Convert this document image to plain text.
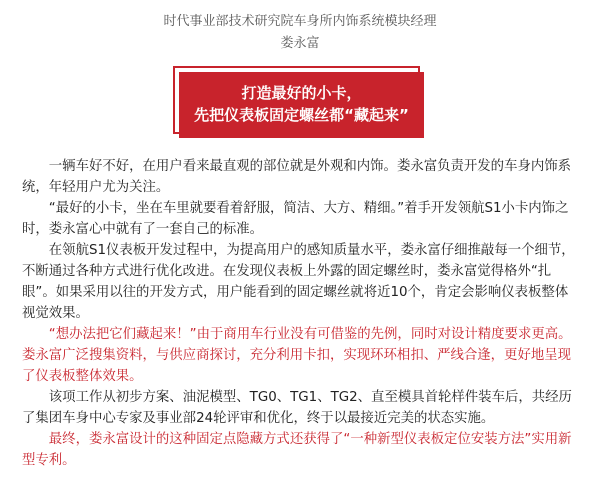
时代事业部技术研究院车身所内饰系统模块经理
娄永富
打造最好的小卡，
先把仪表板固定螺丝都“藏起来”

一辆车好不好，在用户看来最直观的部位就是外观和内饰。娄永富负责开发的车身内饰系统，年轻用户尤为关注。

“最好的小卡，坐在车里就要看着舒服，简洁、大方、精细。”着手开发领航S1小卡内饰之时，娄永富心中就有了一套自己的标准。

在领航S1仪表板开发过程中，为提高用户的感知质量水平，娄永富仔细推敲每一个细节，不断通过各种方式进行优化改进。在发现仪表板上外露的固定螺丝时，娄永富觉得格外“扎眼”。如果采用以往的开发方式，用户能看到的固定螺丝就将近10个，肯定会影响仪表板整体视觉效果。

“想办法把它们藏起来！”由于商用车行业没有可借鉴的先例，同时对设计精度要求更高。娄永富广泛搜集资料，与供应商探讨，充分利用卡扣，实现环环相扣、严线合逢，更好地呈现了仪表板整体效果。

该项工作从初步方案、油泥模型、TG0、TG1、TG2、直至模具首轮样件装车后，共经历了集团车身中心专家及事业部24轮评审和优化，终于以最接近完美的状态实施。

最终，娄永富设计的这种固定点隐藏方式还获得了“一种新型仪表板定位安装方法”实用新型专利。
